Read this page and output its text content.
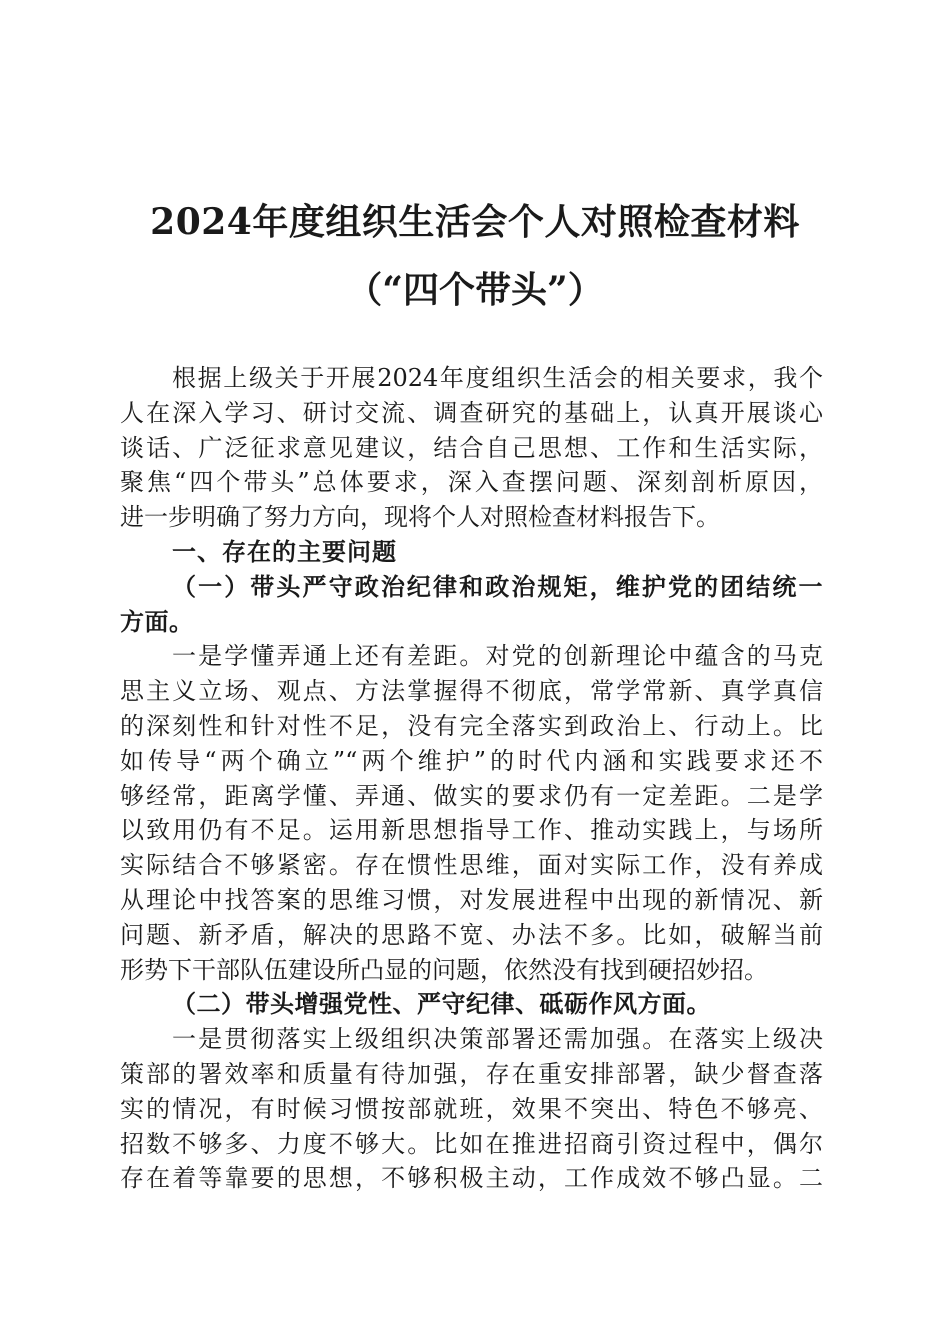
2024年度组织生活会个人对照检查材料
（“四个带头”）
根据上级关于开展2024年度组织生活会的相关要求，我个
人在深入学习、研讨交流、调查研究的基础上，认真开展谈心
谈话、广泛征求意见建议，结合自己思想、工作和生活实际，
聚焦“四个带头”总体要求，深入查摆问题、深刻剖析原因，
进一步明确了努力方向，现将个人对照检查材料报告下。
一、存在的主要问题
（一）带头严守政治纪律和政治规矩，维护党的团结统一
方面。
一是学懂弄通上还有差距。对党的创新理论中蕴含的马克
思主义立场、观点、方法掌握得不彻底，常学常新、真学真信
的深刻性和针对性不足，没有完全落实到政治上、行动上。比
如传导“两个确立”“两个维护”的时代内涵和实践要求还不
够经常，距离学懂、弄通、做实的要求仍有一定差距。二是学
以致用仍有不足。运用新思想指导工作、推动实践上，与场所
实际结合不够紧密。存在惯性思维，面对实际工作，没有养成
从理论中找答案的思维习惯，对发展进程中出现的新情况、新
问题、新矛盾，解决的思路不宽、办法不多。比如，破解当前
形势下干部队伍建设所凸显的问题，依然没有找到硬招妙招。
（二）带头增强党性、严守纪律、砥砺作风方面。
一是贯彻落实上级组织决策部署还需加强。在落实上级决
策部的署效率和质量有待加强，存在重安排部署，缺少督查落
实的情况，有时候习惯按部就班，效果不突出、特色不够亮、
招数不够多、力度不够大。比如在推进招商引资过程中，偶尔
存在着等靠要的思想，不够积极主动，工作成效不够凸显。二
